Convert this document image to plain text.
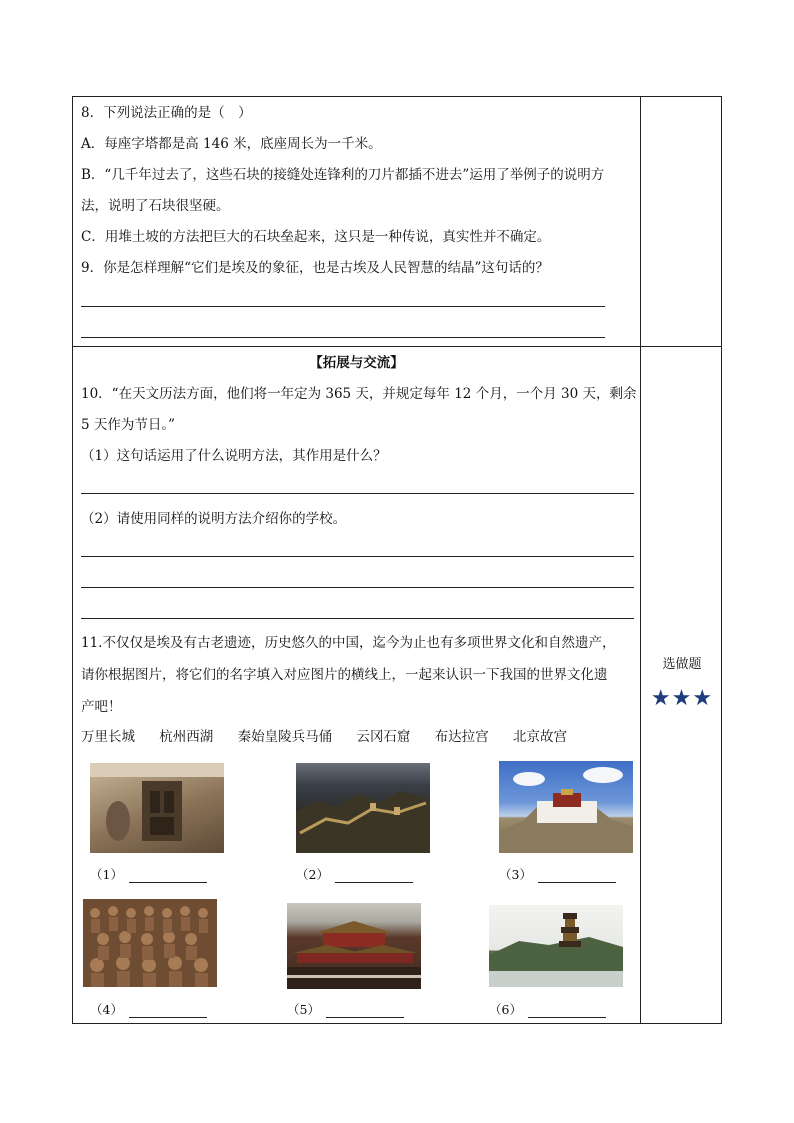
8．下列说法正确的是（　）
A．每座字塔都是高 146 米，底座周长为一千米。
B．“几千年过去了，这些石块的接缝处连锋利的刀片都插不进去”运用了举例子的说明方
法，说明了石块很坚硬。
C．用堆土坡的方法把巨大的石块垒起来，这只是一种传说，真实性并不确定。
9．你是怎样理解“它们是埃及的象征，也是古埃及人民智慧的结晶”这句话的？
【拓展与交流】
10．“在天文历法方面，他们将一年定为 365 天，并规定每年 12 个月，一个月 30 天，剩余
5 天作为节日。”
（1）这句话运用了什么说明方法，其作用是什么？
（2）请使用同样的说明方法介绍你的学校。
11.不仅仅是埃及有古老遗迹，历史悠久的中国，迄今为止也有多项世界文化和自然遗产，
请你根据图片，将它们的名字填入对应图片的横线上，一起来认识一下我国的世界文化遗
产吧！
万里长城 杭州西湖 秦始皇陵兵马俑 云冈石窟 布达拉宫 北京故宫
（1）	（2）	（3）
（4）	（5）	（6）
选做题
★★★
